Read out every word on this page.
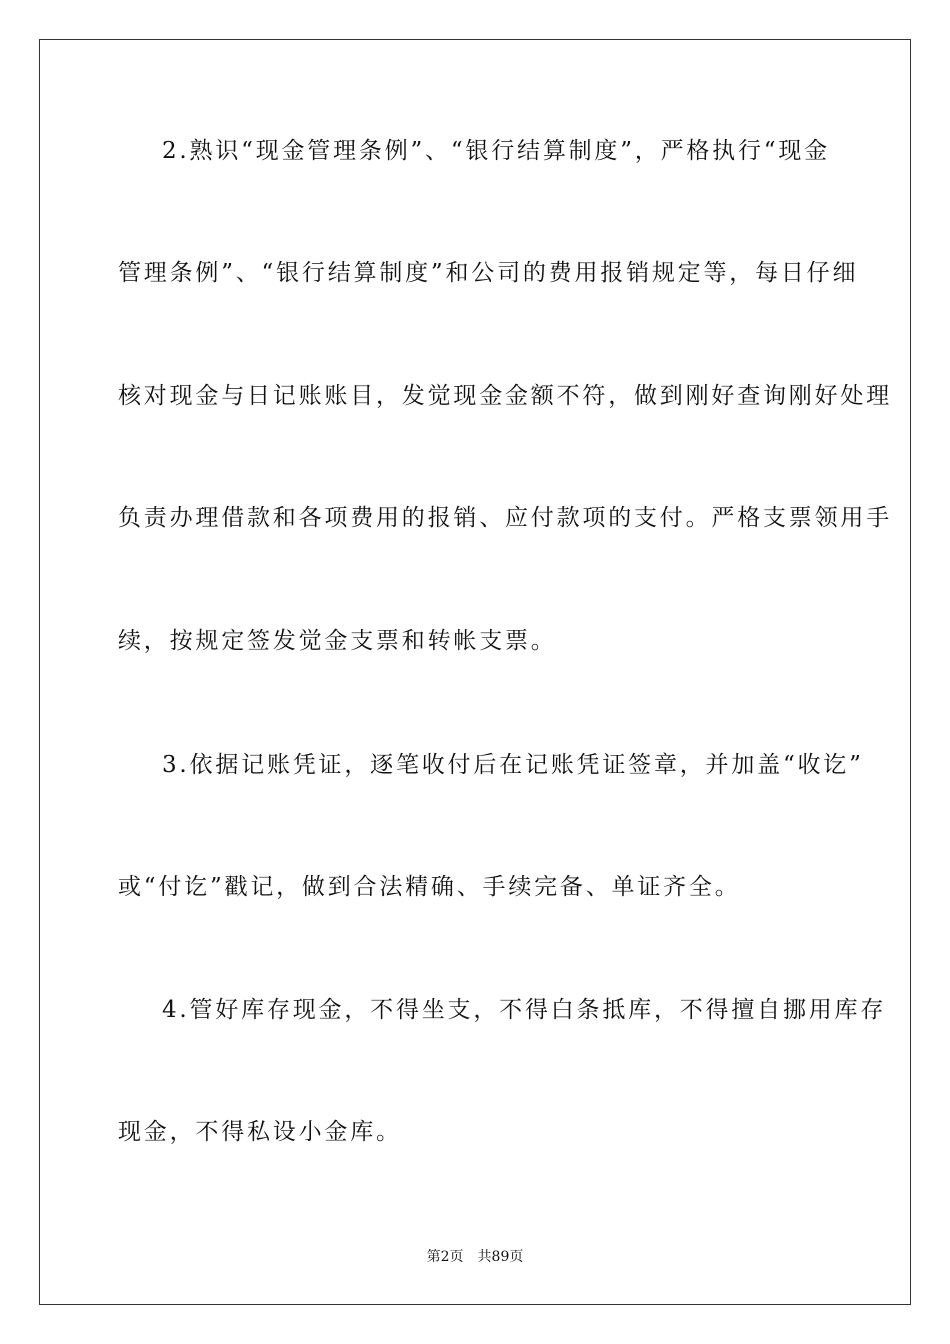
2.熟识“现金管理条例”、“银行结算制度”，严格执行“现金
管理条例”、“银行结算制度”和公司的费用报销规定等，每日仔细
核对现金与日记账账目，发觉现金金额不符，做到刚好查询刚好处理
负责办理借款和各项费用的报销、应付款项的支付。严格支票领用手
续，按规定签发觉金支票和转帐支票。
3.依据记账凭证，逐笔收付后在记账凭证签章，并加盖“收讫”
或“付讫”戳记，做到合法精确、手续完备、单证齐全。
4.管好库存现金，不得坐支，不得白条抵库，不得擅自挪用库存
现金，不得私设小金库。
第2页 共89页
